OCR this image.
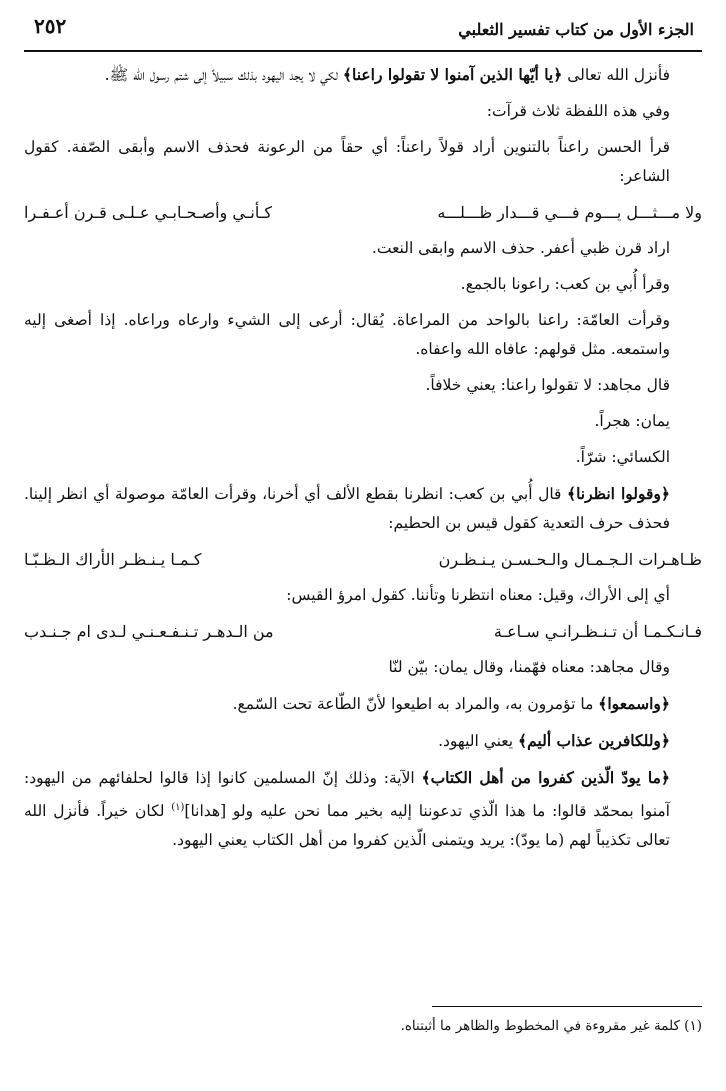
الجزء الأول من كتاب تفسير الثعلبي
٢٥٢

فأنزل الله تعالى ﴿يا أيّها الذين آمنوا لا تقولوا راعنا﴾ لكي لا يجد اليهود بذلك سبيلاً إلى شتم رسول الله ﷺ.

وفي هذه اللفظة ثلاث قرآت:

قرأ الحسن راعناً بالتنوين أراد قولاً راعناً: أي حقاً من الرعونة فحذف الاسم وأبقى الصّفة. كقول الشاعر:

ولا مـــثـــل يـــوم فـــي قـــدار ظـــلـــه
كـأنـي وأصـحـابـي عـلـى قـرن أعـفـرا

اراد قرن ظبي أعفر. حذف الاسم وابقى النعت.

وقرأ أُبي بن كعب: راعونا بالجمع.

وقرأت العامّة: راعنا بالواحد من المراعاة. يُقال: أرعى إلى الشيء وارعاه وراعاه. إذا أصغى إليه واستمعه. مثل قولهم: عافاه الله واعفاه.

قال مجاهد: لا تقولوا راعنا: يعني خلافاً.

يمان: هجراً.

الكسائي: شرّاً.

﴿وقولوا انظرنا﴾ قال أُبي بن كعب: انظرنا بقطع الألف أي أخرنا، وقرأت العامّة موصولة أي انظر إلينا. فحذف حرف التعدية كقول قيس بن الحطيم:

ظـاهـرات الـجـمـال والـحـسـن يـنـظـرن
كـمـا يـنـظـر الأراك الـظـبّـا

أي إلى الأراك، وقيل: معناه انتظرنا وتأننا. كقول امرؤ القيس:

فـانـكـمـا أن تـنـظـرانـي سـاعـة
من الـدهـر تـنـفـعـنـي لـدى ام جـنـدب

وقال مجاهد: معناه فهّمنا، وقال يمان: بيّن لنّا

﴿واسمعوا﴾ ما تؤمرون به، والمراد به اطيعوا لأنّ الطّاعة تحت السّمع.

﴿وللكافرين عذاب أليم﴾ يعني اليهود.

﴿ما يودّ الّذين كفروا من أهل الكتاب﴾ الآية: وذلك إنّ المسلمين كانوا إذا قالوا لحلفائهم من اليهود: آمنوا بمحمّد قالوا: ما هذا الّذي تدعوننا إليه بخير مما نحن عليه ولو [هدانا]$^{(١)}$ لكان خيراً. فأنزل الله تعالى تكذيباً لهم (ما يودّ): يريد ويتمنى الّذين كفروا من أهل الكتاب يعني اليهود.

(١) كلمة غير مقروءة في المخطوط والظاهر ما أثبتناه.
